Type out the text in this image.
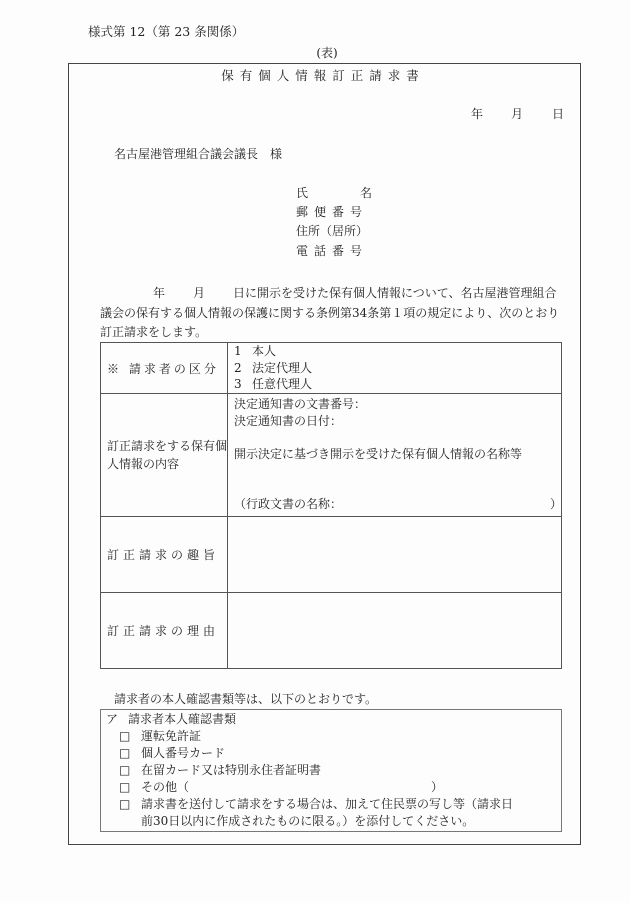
様式第 12（第 23 条関係）
(表)
保有個人情報訂正請求書
年 月 日
名古屋港管理組合議会議長 様
氏	名
郵便番号
住所（居所）
電話番号
年 月 日に開示を受けた保有個人情報について、名古屋港管理組合議会の保有する個人情報の保護に関する条例第34条第１項の規定により、次のとおり訂正請求をします。
※ 請求者の区分	1 本人
2 法定代理人
3 任意代理人

訂正請求をする保有個人情報の内容	決定通知書の文書番号：
決定通知書の日付：
開示決定に基づき開示を受けた保有個人情報の名称等
（行政文書の名称： ）

訂正請求の趣旨	
訂正請求の理由	
請求者の本人確認書類等は、以下のとおりです。
ア 請求者本人確認書類
□ 運転免許証
□ 個人番号カード
□ 在留カード又は特別永住者証明書
□ その他（	）
□ 請求書を送付して請求をする場合は、加えて住民票の写し等（請求日
前30日以内に作成されたものに限る。）を添付してください。
